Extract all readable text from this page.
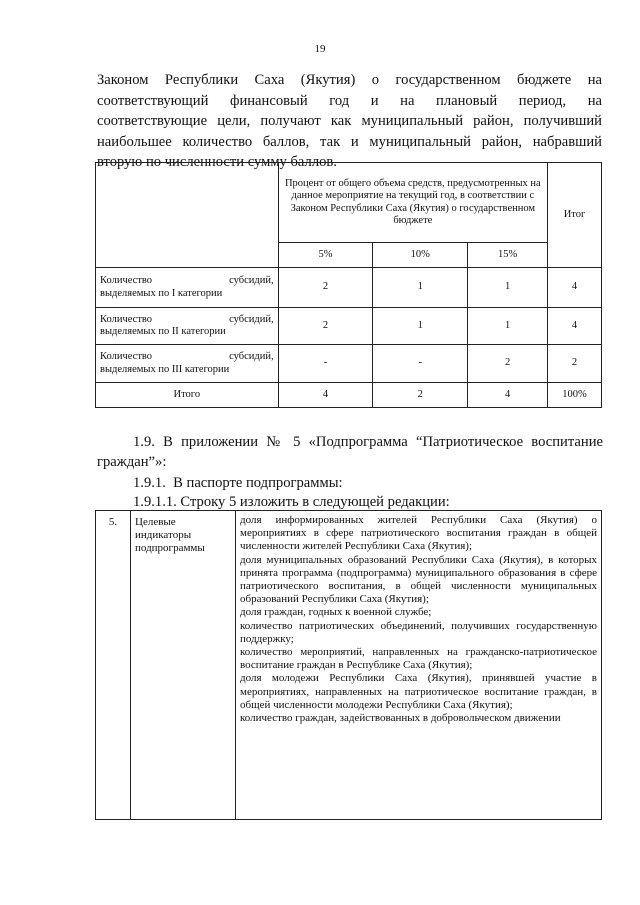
19
Законом Республики Саха (Якутия) о государственном бюджете на
соответствующий финансовый год и на плановый период, на
соответствующие цели, получают как муниципальный район, получивший
наибольшее количество баллов, так и муниципальный район, набравший
вторую по численности сумму баллов.
	Процент от общего объема средств, предусмотренных на данное мероприятие на текущий год, в соответствии с Законом Республики Саха (Якутия) о государственном бюджете			Итог
	5%	10%	15%	

Количество субсидий,
выделяемых по I категории	2	1	1	4

Количество субсидий,
выделяемых по II категории	2	1	1	4

Количество субсидий,
выделяемых по III категории	-	-	2	2
Итого	4	2	4	100%
1.9. В приложении № 5 «Подпрограмма “Патриотическое воспитание
граждан”»:
1.9.1.  В паспорте подпрограммы:
1.9.1.1. Строку 5 изложить в следующей редакции:
5.	Целевые индикаторы подпрограммы	
доля информированных жителей Республики Саха (Якутия) о мероприятиях в сфере патриотического воспитания граждан в общей численности жителей Республики Саха (Якутия);
доля муниципальных образований Республики Саха (Якутия), в которых принята программа (подпрограмма) муниципального образования в сфере патриотического воспитания, в общей численности муниципальных образований Республики Саха (Якутия);
доля граждан, годных к военной службе;
количество патриотических объединений, получивших государственную поддержку;
количество мероприятий, направленных на гражданско-патриотическое воспитание граждан в Республике Саха (Якутия);
доля молодежи Республики Саха (Якутия), принявшей участие в мероприятиях, направленных на патриотическое воспитание граждан, в общей численности молодежи Республики Саха (Якутия);
количество граждан, задействованных в добровольческом движении
